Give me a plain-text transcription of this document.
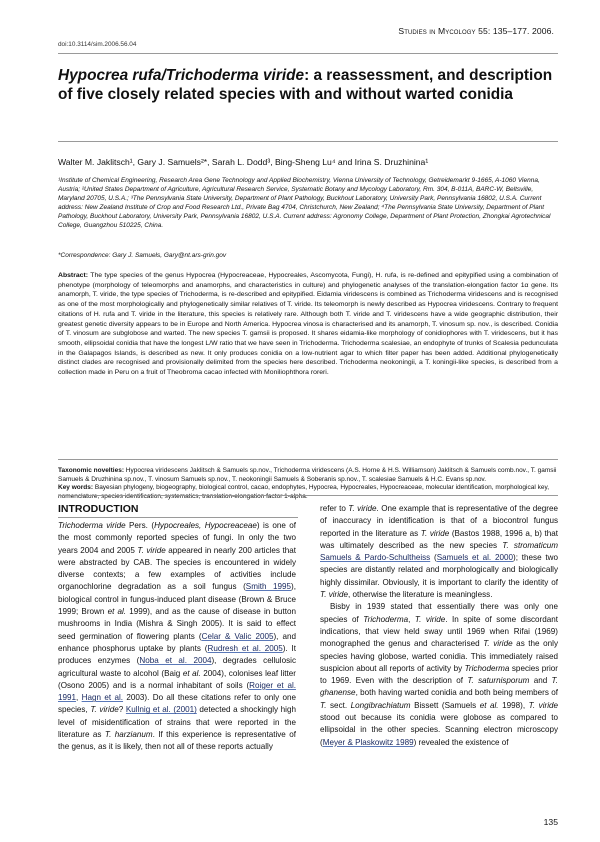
Studies in Mycology 55: 135–177. 2006.
doi:10.3114/sim.2006.56.04
Hypocrea rufa/Trichoderma viride: a reassessment, and description of five closely related species with and without warted conidia
Walter M. Jaklitsch¹, Gary J. Samuels²*, Sarah L. Dodd³, Bing-Sheng Lu⁴ and Irina S. Druzhinina¹

¹Institute of Chemical Engineering, Research Area Gene Technology and Applied Biochemistry, Vienna University of Technology, Getreidemarkt 9-1665, A-1060 Vienna, Austria; ²United States Department of Agriculture, Agricultural Research Service, Systematic Botany and Mycology Laboratory, Rm. 304, B-011A, BARC-W, Beltsville, Maryland 20705, U.S.A.; ³The Pennsylvania State University, Department of Plant Pathology, Buckhout Laboratory, University Park, Pennsylvania 16802, U.S.A. Current address: New Zealand Institute of Crop and Food Research Ltd., Private Bag 4704, Christchurch, New Zealand; ⁴The Pennsylvania State University, Department of Plant Pathology, Buckhout Laboratory, University Park, Pennsylvania 16802, U.S.A. Current address: Agronomy College, Department of Plant Protection, Zhongkai Agrotechnical College, Guangzhou 510225, China.

*Correspondence: Gary J. Samuels, Gary@nt.ars-grin.gov

Abstract: The type species of the genus Hypocrea (Hypocreaceae, Hypocreales, Ascomycota, Fungi), H. rufa, is re-defined and epitypified using a combination of phenotype (morphology of teleomorphs and anamorphs, and characteristics in culture) and phylogenetic analyses of the translation-elongation factor 1α gene. Its anamorph, T. viride, the type species of Trichoderma, is re-described and epitypified. Eidamia viridescens is combined as Trichoderma viridescens and is recognised as one of the most morphologically and phylogenetically similar relatives of T. viride. Its teleomorph is newly described as Hypocrea viridescens. Contrary to frequent citations of H. rufa and T. viride in the literature, this species is relatively rare. Although both T. viride and T. viridescens have a wide geographic distribution, their greatest genetic diversity appears to be in Europe and North America. Hypocrea vinosa is characterised and its anamorph, T. vinosum sp. nov., is described. Conidia of T. vinosum are subglobose and warted. The new species T. gamsii is proposed. It shares eidamia-like morphology of conidiophores with T. viridescens, but it has smooth, ellipsoidal conidia that have the longest L/W ratio that we have seen in Trichoderma. Trichoderma scalesiae, an endophyte of trunks of Scalesia pedunculata in the Galapagos Islands, is described as new. It only produces conidia on a low-nutrient agar to which filter paper has been added. Additional phylogenetically distinct clades are recognised and provisionally delimited from the species here described. Trichoderma neokoningii, a T. koningii-like species, is described from a collection made in Peru on a fruit of Theobroma cacao infected with Moniliophthora roreri.

Taxonomic novelties: Hypocrea viridescens Jaklitsch & Samuels sp.nov., Trichoderma viridescens (A.S. Horne & H.S. Williamson) Jaklitsch & Samuels comb.nov., T. gamsii Samuels & Druzhinina sp.nov., T. vinosum Samuels sp.nov., T. neokoningii Samuels & Soberanis sp.nov., T. scalesiae Samuels & H.C. Evans sp.nov.
Key words: Bayesian phylogeny, biogeography, biological control, cacao, endophytes, Hypocrea, Hypocreales, Hypocreaceae, molecular identification, morphological key, nomenclature, species identification, systematics, translation-elongation factor 1-alpha.

INTRODUCTION

Trichoderma viride Pers. (Hypocreales, Hypocreaceae) is one of the most commonly reported species of fungi. In only the two years 2004 and 2005 T. viride appeared in nearly 200 articles that were abstracted by CAB. The species is encountered in widely diverse contexts; a few examples of activities include organochlorine degradation as a soil fungus (Smith 1995), biological control in fungus-induced plant disease (Brown & Bruce 1999; Brown et al. 1999), and as the cause of disease in button mushrooms in India (Mishra & Singh 2005). It is said to effect seed germination of flowering plants (Celar & Valic 2005), and enhance phosphorus uptake by plants (Rudresh et al. 2005). It produces enzymes (Noba et al. 2004), degrades cellulosic agricultural waste to alcohol (Baig et al. 2004), colonises leaf litter (Osono 2005) and is a normal inhabitant of soils (Roiger et al. 1991, Hagn et al. 2003). Do all these citations refer to only one species, T. viride? Kullnig et al. (2001) detected a shockingly high level of misidentification of strains that were reported in the literature as T. harzianum. If this experience is representative of the genus, as it is likely, then not all of these reports actually

refer to T. viride. One example that is representative of the degree of inaccuracy in identification is that of a biocontrol fungus reported in the literature as T. viride (Bastos 1988, 1996 a, b) that was ultimately described as the new species T. stromaticum Samuels & Pardo-Schultheiss (Samuels et al. 2000); these two species are distantly related and morphologically and biologically highly dissimilar. Obviously, it is important to clarify the identity of T. viride, otherwise the literature is meaningless.

Bisby in 1939 stated that essentially there was only one species of Trichoderma, T. viride. In spite of some discordant indications, that view held sway until 1969 when Rifai (1969) monographed the genus and characterised T. viride as the only species having globose, warted conidia. This immediately raised suspicion about all reports of activity by Trichoderma species prior to 1969. Even with the description of T. saturnisporum and T. ghanense, both having warted conidia and both being members of T. sect. Longibrachiatum Bissett (Samuels et al. 1998), T. viride stood out because its conidia were globose as compared to ellipsoidal in the other species. Scanning electron microscopy (Meyer & Plaskowitz 1989) revealed the existence of

135
